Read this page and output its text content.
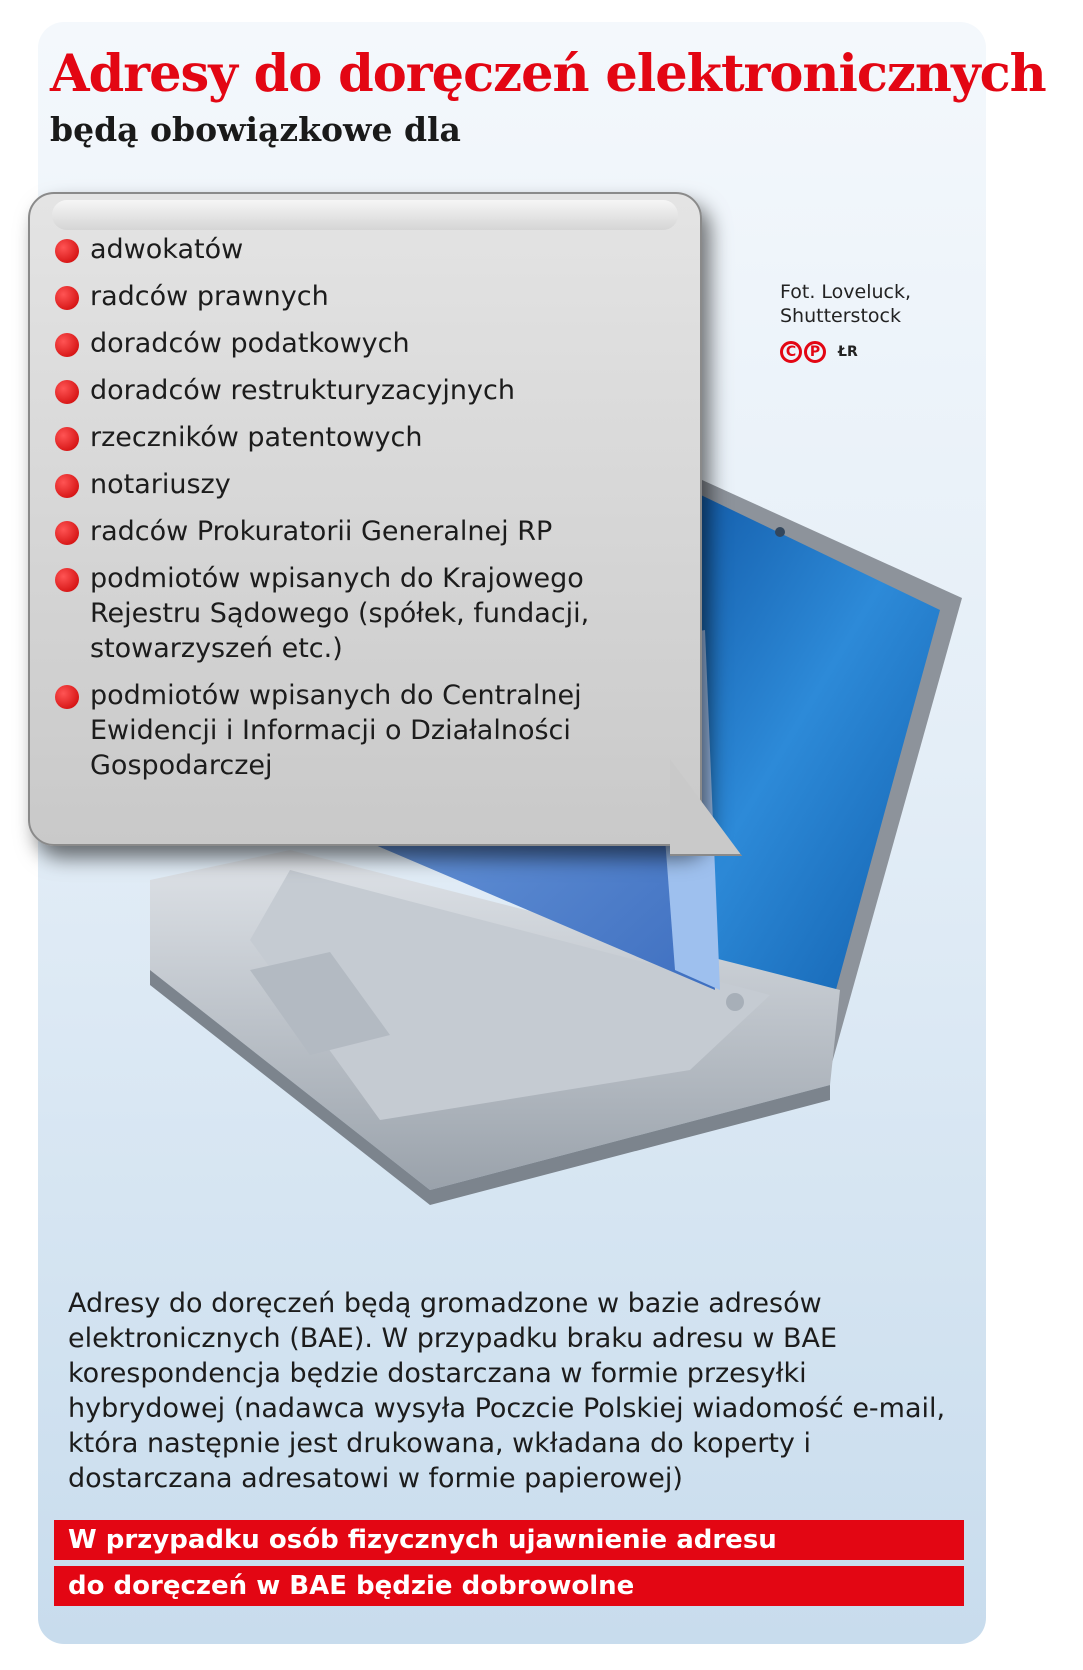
Adresy do doręczeń elektronicznych
będą obowiązkowe dla
Fot. Loveluck,
Shutterstock
C P	ŁR
adwokatów
radców prawnych
doradców podatkowych
doradców restrukturyzacyjnych
rzeczników patentowych
notariuszy
radców Prokuratorii Generalnej RP
podmiotów wpisanych do Krajowego Rejestru Sądowego (spółek, fundacji, stowarzyszeń etc.)
podmiotów wpisanych do Centralnej Ewidencji i Informacji o Działalności Gospodarczej

Adresy do doręczeń będą gromadzone w bazie adresów elektronicznych (BAE). W przypadku braku adresu w BAE korespondencja będzie dostarczana w formie przesyłki hybrydowej (nadawca wysyła Poczcie Polskiej wiadomość e-mail, która następnie jest drukowana, wkładana do koperty i dostarczana adresatowi w formie papierowej)

W przypadku osób fizycznych ujawnienie adresu
do doręczeń w BAE będzie dobrowolne
